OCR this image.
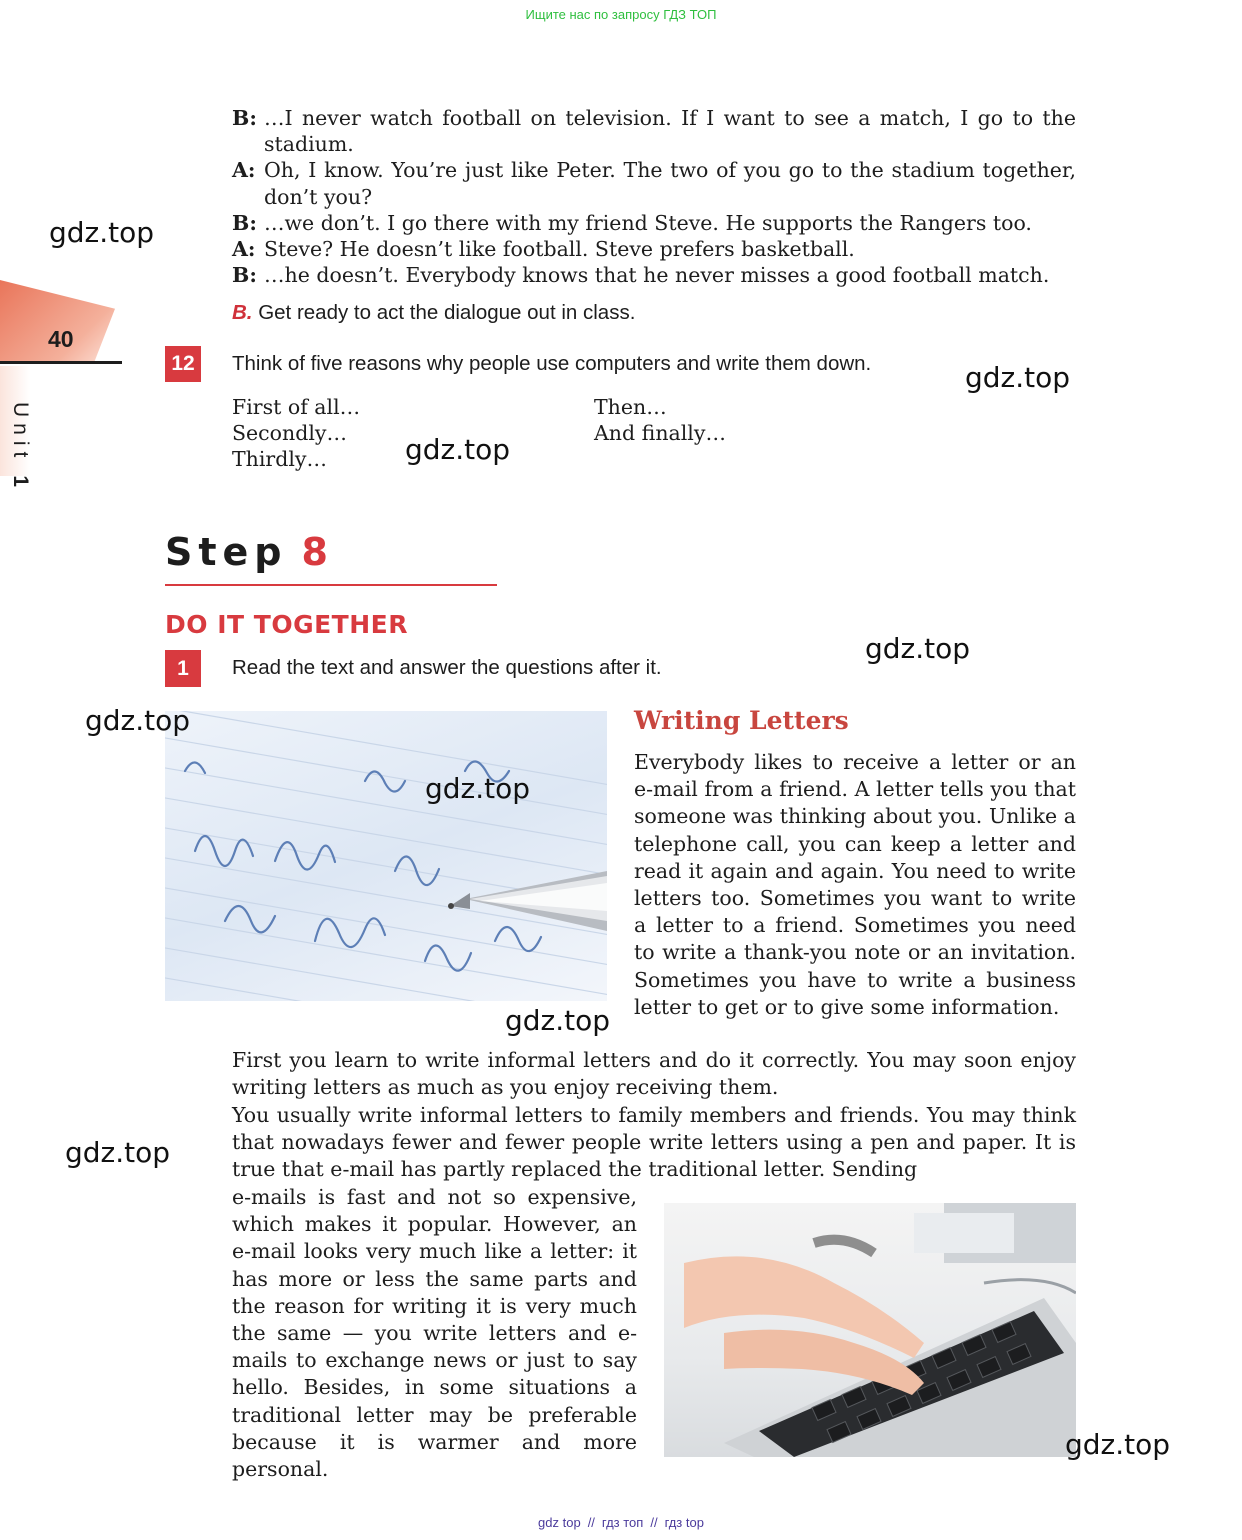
Ищите нас по запросу ГДЗ ТОП
40
Unit 1
B: …I never watch football on television. If I want to see a match, I go to the stadium.
A: Oh, I know. You’re just like Peter. The two of you go to the stadium together, don’t you?
B: …we don’t. I go there with my friend Steve. He supports the Rangers too.
A: Steve? He doesn’t like football. Steve prefers basketball.
B: …he doesn’t. Everybody knows that he never misses a good football match.
B. Get ready to act the dialogue out in class.
12	Think of five reasons why people use computers and write them down.
First of all…
Secondly…
Thirdly…
Then…
And finally…
Step 8
DO IT TOGETHER
1	Read the text and answer the questions after it.
Writing Letters
Everybody likes to receive a letter or an e-mail from a friend. A letter tells you that someone was thinking about you. Unlike a telephone call, you can keep a letter and read it again and again. You need to write letters too. Sometimes you want to write a letter to a friend. Sometimes you need to write a thank-you note or an invitation. Sometimes you have to write a business letter to get or to give some information.
First you learn to write informal letters and do it correctly. You may soon enjoy writing letters as much as you enjoy receiving them.
You usually write informal letters to family members and friends. You may think that nowadays fewer and fewer people write letters using a pen and paper. It is true that e-mail has partly replaced the traditional letter. Sending
e-mails is fast and not so expensive, which makes it popular. However, an e-mail looks very much like a letter: it has more or less the same parts and the reason for writing it is very much the same — you write letters and e-mails to exchange news or just to say hello. Besides, in some situations a traditional letter may be preferable because it is warmer and more personal.
gdz.top
gdz.top
gdz.top
gdz.top
gdz.top
gdz.top
gdz.top
gdz.top
gdz.top
gdz top // гдз топ // гдз top
